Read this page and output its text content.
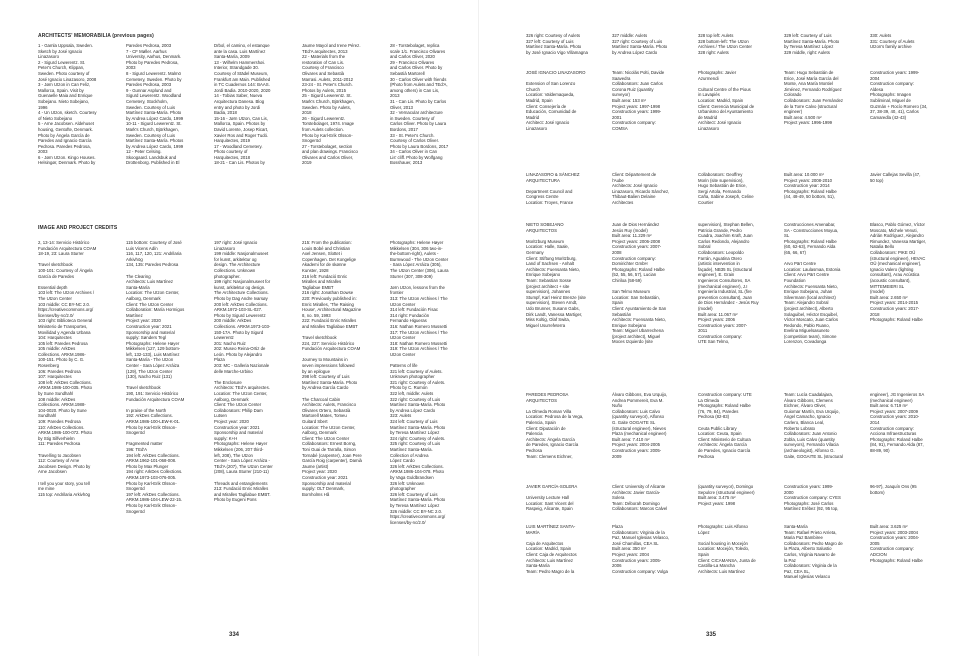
ARCHITECTS' MEMORABILIA (previous pages)
1 - Gamla Uppsala, Sweden.
Sketch by José Ignacio
Linazasoro
2 - Sigurd Lewerentz. St.
Peter's Church, Klippan,
Sweden. Photo courtesy of
José Ignacio Linazasoro, 2008
3 - Jørn Utzon in Can Feliz,
Mallorca, Spain. Visit by
Guenaelle Maia and Enrique
Sobejano. Nieto Sobejano,
1996
4 - Un Utzon, sketch. Courtesy
of Nieto Sobejano
5 - Arne Jacobsen. Aldehuset
housing, Gentofte, Denmark.
Photo by Ángela García de
Paredes and Ignacio García
Pedrosa. Paredes Pedrosa,
2003
6 - Jørn Utzon. Kingo Houses.
Helsingør, Denmark. Photo by
Paredes Pedrosa, 2003
7 - CF Møller. Aarhus
University, Aarhus, Denmark.
Photo by Paredes Pedrosa,
2003
8 - Sigurd Lewerentz. Malmö
Cemetery, Sweden. Photo by
Paredes Pedrosa, 2003
9 - Gunnar Asplund and
Sigurd Lewerentz. Woodland
Cemetery, Stockholm,
Sweden. Courtesy of Luis
Martínez Santa-María. Photo
by Andrea López Cardo, 1999
10-11 - Sigurd Lewerentz. St.
Mark's Church, Björkhagen,
Sweden. Courtesy of Luis
Martínez Santa-María. Photos
by Andrea López Cardo, 1999
12 - Peter Celsing.
Skoogaard. Landsbuk and
Drottenborg. Published in El
Drbol, el camino, el estanque
ante la casa. Luis Martínez
Santa-María, 2009
13 - Wilhelm Hammershøi.
Interior, Strandgade 30.
Courtesy of Städel Museum,
Frankfurt am Main. Published
in TC Cuadernos 144: BAAS.
Jordi Badia. 2010-2020, 2020
14 - Tobias Saber, Nueva
Arquitectura Danesa. Blog
entry and photo by Jordi
Badia, 2018
15-16 - Jørn Utzon, Can Lis,
Mallorca, Spain. Photos by
David Lorente, Josep Ricart,
Xavier Ros and Roger Tudó.
Harquitectes, 2019
17 - Woodland Cemetery.
Photo courtesy of
Harquitectes, 2018
18-21 - Can Lis. Photos by
Jaume Mayol and Irene Pérez.
TEd'A arquitectes, 2013
22 - Materials from the
restoration of Can Lis.
Courtesy of Francisco
Olivares and Sebastià
Marrasi. Aulets, 2011-2012
23-24 - St. Peter's Church.
Photos by Aulets, 2015
25 - Sigurd Lewerentz. St.
Mark's Church, Björkhagen,
Sweden. Photo by Aulets,
2018
26 - Sigurd Lewerentz.
Torstebolaget, 1974. Image
from Aulets collection.
Photo by Karl-Erik Olsson-
Snogeröd
27 - Torstebolaget, section
and plan drawings. Francisco
Olivares and Carlos Oliver,
2019
28 - Torstebolaget, replica
scale 1/1. Francisco Olivares
and Carlos Oliver, 2020
29 - Francisco Olivares
and Carlos Oliver. Photo by
Sebastià Martorell
30 - Carlos Oliver with friends
(Photo from Aulets and TEd'A,
among others) in Can Lis,
2013
31 - Can Lis. Photo by Carlos
Oliver, 2013
32 - Vernacular architecture
in Sweden. Courtesy of
Carlos Oliver. Photo by Laura
Bordons, 2017
33 - St. Peter's Church.
Courtesy of Carlos Oliver.
Photo by Laura Bordons, 2017
34 - Carlos Oliver in Can
Lis' cliff. Photo by Wolfgang
Bosshauer, 2013
IMAGE AND PROJECT CREDITS
2, 13-14: Servicio Histórico
Fundación Arquitectura COAM
18-19, 23: Laura Sturrer

Travel sketchbook
100-101: Courtesy of Ángela
García de Paredes

Essential depth
103 left: The Utzon Archives /
The Utzon Center
103 middle: CC BY-NC 2.0.
https://creativecommons.org/
licenses/by-nc/2.0/
103 right: Biblioteca General
Ministerio de Transportes,
Movilidad y Agenda Urbana
104: Harquitectes
105 left: Paredes Pedrosa
105 middle: ArkDes
Collections. ARKM.1986-
100-151. Photo by C. G.
Rosenberg
106: Paredes Pedrosa
107: Harquitectes
108 left: ArkDes Collections.
ARKM.1986-100-035. Photo
by Sune Sundhahl
108 middle: ArkDes
Collections. ARKM.1988-
104-0020. Photo by Sune
Sundhahl
109: Paredes Pedrosa
110: ArkDes Collections.
ARKM.1986-100-072. Photo
by Stig Silfverhielm
111: Paredes Pedrosa

Travelling to Jacobsen
112: Courtesy of Arne
Jacobsen Design. Photo by
Arne Jacobsen

I tell you your story, you tell
me mine
115 top: Andrilaria Arkivhög
115 bottom: Courtesy of José
Luis Vicens Adín
116, 117, 120, 121: Andrilaria
Arkivhög
134, 135: Paredes Pedrosa

The Clearing
Architects: Luis Martínez
Santa-María
Location: The Utzon Center,
Aalborg, Denmark
Client: The Utzon Center
Collaboration: María Hormigos
Martínez
Project year: 2020
Construction year: 2021
Sponsorship and material
supply: Sønders Tegl
Photographs: Helene Høyer
Mikkelsen (127, 129 bottom-
left, 132-133), Luis Martínez
Santa-María - The Utzon
Center - Sara López Arráiza
(129), The Utzon Center
(130), Nacho Ruiz (131)

Travel sketchbook
190, 191: Servicio Histórico
Fundación Arquitectura COAM

In praise of the North
192: ArkDes Collections.
ARKM.1986-100-LEW-K-01.
Photo by Karl-Erik Olsson-
Snogeröd

Fragmented matter
196: TEd'A
194 left: ArkDes Collections.
ARKM.1962-101-068-008.
Photo by Max Plunger
194 right: ArkDes Collections.
ARKM.1973-103-076-005.
Photo by Karl-Erik Olsson-
Snogeröd
197 left: ArkDes Collections.
ARKM.1986-104-LEW-22-15.
Photo by Karl-Erik Olsson-
Snogeröd
197 right: José Ignacio
Linazasoro
199 middle: Nasjonalmuseet
for kunst, arkitektur og
design. The Architecture
Collections. Unknown
photographer.
199 right: Nasjonalmuseet for
kunst, arkitektur og design.
The Architecture Collections.
Photo by Dag Andre Ivarsøy
200 left: ArkDes Collections.
ARKM.1972-103-SL-027.
Photo by Sigurd Lewerentz
200 middle: ArkDes
Collections. ARKM.1973-103-
150-17A. Photo by Sigurd
Lewerentz
201: Nacho Ruiz
202: Museo Reina-Ortiz de
León. Photo by Alejandro
Plaza
203: MC - Galleria Nazionale
delle Marche-Urbino

The Enclosure
Architects: TEd'A arquitectes.
Location: The Utzon Center,
Aalborg, Denmark
Client: The Utzon Center
Collaborators: Philip Dam
Lutsen
Project year: 2020
Construction year: 2021
Sponsorship and material
supply: K+H
Photographs: Helene Høyer
Mikkelsen (206, 207 third-
left, 208), The Utzon
Center - Sara López Arráiza -
TEd'A (207), The Utzon Center
(208), Laura Sturrer (210-11)

Threads and entanglements
213: Fundació Enric Miralles
and Miralles Tagliabue EMBT.
Photo by Eugeni Pons
215: From the publication:
Louis Bobé and Christian
Axel Jensen, Slottet i
Copenhagen. Det Kongelige
Akademi for de skønne
Kunster, 1928
216 left: Fundació Enric
Miralles and Miralles
Tagliabue EMBT
216 right: Jonathan Dowse
220: Previously published in:
Enric Miralles, 'The Raising
House', Architectural Magazine
8, no. 59, 1993
222: Fundació Enric Miralles
and Miralles Tagliabue EMBT

Travel sketchbook
224, 227: Servicio Histórico
Fundación Arquitectura COAM

Journey to Mountains in
seven impressions followed
by an epilogue
298 left: Courtesy of Luis
Martínez Santa-María. Photo
by Andrea García Cardo

The Charcoal Cabin
Architects: Aulets, Francisco
Olivares Ortero, Sebastià
Martorell Mates, Tomeu
Guitard Sbert
Location: The Utzon Center,
Aalborg, Denmark
Client: The Utzon Center
Collaborators: Ernest Borng,
Toni Guai de Tarralla, Simon
Tornabé (carpenter), Joan Pere
García Roig (carpenter), Damià
Jaume (artist)
Project year: 2020
Construction year: 2021
Sponsorship and material
supply: OLT Denmark,
Bornholms Hå
Photographs: Helene Høyer
Mikkelsen (304, 306 two-in-
the-bottom-right), Aulets -
Burmwood - The Utzon Center
- Sara López Arráiza (305),
The Utzon Center (306), Laura
Sturrer (307, 308-309)

Jørn Utzon, lessons from the
frontier
313: The Utzon Archives / The
Utzon Center
314 left: Fundación Fisac
314 right: Fundación
Fernando Higueras
316: Nathan Romero Mussetti
317: The Utzon Archives / The
Utzon Center
318: Nathan Romero Mussetti
319: The Utzon Archives / The
Utzon Center

Patterns of life
321 left: Courtesy of Aulets.
Unknown photographer
321 right: Courtesy of Aulets.
Photo by C. Rumón
322 left, middle: Aulets
322 right: Courtesy of Luis
Martínez Santa-María. Photo
by Andrea López Cardo
323: Aulets
324 left: Courtesy of Luis
Martínez Santa-María. Photo
by Teresa Martínez López
324 right: Courtesy of Aulets.
325 right: Courtesy of Luis
Martínez Santa-María.
Collection of Andrea
López Cardo
326 left: ArkDes Collections.
ARKM.1986-104-078. Photo
by Vaga Guldbrandsen
326 left: Unknown
photographer
326 left: Courtesy of Luis
Martínez Santa-María. Photo
by Teresa Martínez López
326 middle: CC BY-NC 2.0.
https://creativecommons.org/
licenses/by-nc/2.0/
334
326 right: Courtesy of Aulets
327 left: Courtesy of Luis
Martínez Santa-María. Photo
by José Ignacio Vigo Villamagna
327 middle: Aulets
327 right: Courtesy of Luis
Martínez Santa-María. Photo
by Andrea López Cardo
328 top left: Aulets
328 bottom-left: The Utzon
Archives / The Utzon Center
328 right: Aulets
329 left: Courtesy of Luis
Martínez Santa-María. Photo
by Teresa Martínez López
329 middle, right: Aulets
330: Aulets
331: Courtesy of Aulets
Utzon's family archive
JOSÉ IGNACIO LINAZASORO

Extension of San Lorenzo
Church
Location: Valdemaqueda,
Madrid, Spain
Client: Consejería de
Educación, Comunidad de
Madrid
Architect: José Ignacio
Linazasoro
Team: Nicolás Polti, Davide
Saavedra
Collaborators: Juan Carlos
Corona Ruiz (quantity
surveyor)
Built area: 153 m²
Project years: 1997-1998
Construction years: 1999-
2001
Construction company:
COMSA
Photographs: Javier
Azurmendi

Cultural Centre of the Pious
in Lavapiés
Location: Madrid, Spain
Client: Gerencia Municipal de
Urbanismo del Ayuntamiento
de Madrid
Architect: José Ignacio
Linazasoro
Team: Hugo Sebastián de
Erice, José María García del
Monte, Ana María Montiel
Jiménez, Fernando Rodríguez
Colorado
Collaborators: Juan Fernández
de la Torre Calvo (structural
engineer)
Built area: 4.500 m²
Project years: 1996-1999
Construction years: 1999-
2004
Construction company:
Aldesa
Photographs: Imagen
Subliminal, Miguel de
Guzmán + Rocío Romero (34,
37, 38-39, 40, 41), Carlos
Camaredla (42-43)
LINAZASORO & SÁNCHEZ
ARQUITECTURA

Department Council and
Congress Centre
Location: Troyes, France
Client: Département de
l'Aube
Architects: José Ignacio
Linazasoro, Ricardo Sánchez,
Thibaut-Balien Delaine
Architectes
Collaborators: Geoffrey
Morin (site supervision),
Hugo Sebastián de Erice,
Sergi Artola, Fernando
Caña, Sabine Joseph, Celine
Courtier
Built area: 10.000 m²
Project years: 2008-2010
Construction year: 2014
Photographs: Roland Halbe
(44, 48-49, 50 bottom, 51),
Javier Callejas Sevilla (47,
50 top)
NIETO SOBEJANO
ARQUITECTOS

Moritzburg Museum
Location: Halle, Saale,
Germany
Client: Stiftung Moritzburg,
Land of Sachsen - Anhalt
Architects: Fuensanta Nieto,
Enrique Sobejano
Team: Sebastian Sosse
(project architect + site
supervision), Johannes
Stumpf, Karl Heinz Brenze (site
supervision), Steven Arndt,
Udo Brunner, Susann Gabs,
Dirk Landt, Vanessa Martiger,
Miss Koltig, Olaf Swita,
Miguel Usurrefeterra
Juan de Dios Hernández
Jesús Ruy (model)
Built area: 11.229 m²
Project years: 2006-2008
Construction years: 2007-
2008
Construction company:
Domirichter GmbH
Photographs: Roland Halbe
(52, 55, 56, 57), Lucian
Chiriloa (58-59)

San Telmo Museum
Location: San Sebastián,
Spain
Client: Ayuntamiento de San
Sebastián
Architects: Fuensanta Nieto,
Enrique Sobejano
Team: Miguel Ubarrechena
(project architect), Miguel
Moces Izquierdo (site
supervision), Stephan Bellen,
Patricia Grande, Pedro
Cuadra, Joachim Kraft, Juan
Carlos Redondo, Alejandro
Sobral
Collaborators: Leopoldo
Farrán, Aguatina Otero
(artistic intervention in
façade), NB35 SL (structural
engineer), E. Grain
Ingenieros Consultores, SA
(mechanical engineer), J.I
Ingeniería Industrial, SL (fire
prevention consultant), Juan
de Dios Hernández - Jesús Ruy
(model)
Built area: 11.067 m²
Project years: 2006
Construction years: 2007-
2011
Construction company:
UTE San Telmo,
Construcciones Amenabar,
SA - Construcciones Moyua,
SL
Photographs: Roland Halbe
(60, 62-63), Fernando Alda
(65, 66, 67)

Arvo Pärt Centre
Location: Laulasmaa, Estonia
Client: Arvo Pärt Centre
Foundation
Architects: Fuensanta Nieto,
Enrique Sobejano, Juhan
Silvermann (local architect)
Team: Alejandro Sobral
(project architect), Alberto
Solaguibel, Héctor Esquibel,
Víctor Moscato, Juan Carlos
Redondo, Pablo Ruano,
Evelina Miguelsasuneto
(competition team), Simone
Lorenzon, Covadonga
Blasco, Pablo Gómez, Víctor
Moscato, Michele Venuti,
Adrián Rodríguez, Alejandro
Rimundez, Vanessa Martiger,
Natalia Bello
Collaborators: PIKE OÜ
(structural engineer), HEVAC
OÜ (mechanical engineer),
Ignacio Valero (lighting
consultant), Arau Acústica
(acoustic consultant),
MITTEMEIERI SL
(model)
Built area: 2.650 m²
Project years: 2014-2015
Construction years: 2017-
2018
Photographs: Roland Halbe
PAREDES PEDROSA
ARQUITECTOS

La Olmeda Roman Villa
Location: Pedrosa de la Vega,
Palencia, Spain
Client: Diputación de
Palencia
Architects: Ángela García
de Paredes, Ignacio García
Pedrosa
Team: Clemens Eichner,
Álvaro Gibbons, Eva Urquijo,
Andrea Pommereit, Eva M.
Nuño
Collaborators: Luis Calvo
(quantity surveyor), Alfonso
G. Gaite GOGAITE SL
(structural engineer), Nieves
Plaza (mechanical engineer)
Built area: 7.410 m²
Project years: 2004-2005
Construction years: 2005-
2009
Construction company: UTE
La Olmeda
Photographs: Roland Halbe
(76, 79, 84), Paredes
Pedrosa (82-83)

Ceuta Public Library
Location: Ceuta, Spain
Client: Ministerio de Cultura
Architects: Ángela García
de Paredes, Ignacio García
Pedrosa
Team: Lucía Cuadalajara,
Álvaro Gibbons, Clemens
Eichner, Álvaro Oliver,
Guiomar Martín, Eva Urquijo,
Ángel Camacho, Ignacio
Carlero, Blanca Leal,
Roberto Lobrato
Collaborators: Juan Antonio
Zobla, Luis Calvo (quantity
surveyors), Fernando Vilacia
(archaeologist), Alfonso G.
Gaite, GOGAITE SL (structural
engineer), JG Ingenieros SA
(mechanical engineer)
Built area: 6.719 m²
Project years: 2007-2009
Construction years: 2010-
2014
Construction company:
Acciona Infraestructuras
Photographs: Roland Halbe
(84, 91), Fernando Alda (87,
88-89, 90)
JAVIER GARCÍA-SOLERA

University Lecture Hall
Location: Sant Vicent del
Raspeig, Alicante, Spain
Client: University of Alicante
Architects: Javier García-
Solera
Team: Déborah Domingo
Collaborators: Marcos Calvel
(quantity surveyor), Domingo
Sepulcre (structural engineer)
Built area: 3.475 m²
Project years: 1998
Construction years: 1999-
2000
Construction company: CYES
Photographs: José Carlos
Martínez Erébez (92, 95 top,
96-97), Joaquín Ons (95
bottom)
LUIS MARTÍNEZ SANTA-
MARÍA

Caja de Arquitectos
Location: Madrid, Spain
Client: Caja de Arquitectos
Architects: Luis Martínez
Santa-María
Team: Pedro Magro de la
Plaza
Collaborators: Virginia de la
Paz, Manuel Iglesias Velasco,
José Chamillas, CEA SL
Built area: 350 m²
Project years: 2004
Construction years: 2005-
2006
Construction company: Volga
Photographs: Luis Alfonso
López

Social housing in Mocejón
Location: Mocejón, Toledo,
Spain
Client: CICAMANSA, Junta de
Castilla-La Mancha
Architects: Luis Martínez
Santa-María
Team: Rafael Prieto Arrieta,
Maria Paz Bambiree
Collaborators: Pedro Magro de
la Plaza, Alberto Salustio
Carlos, Virginia Navarro de
la Paz
Collaborators: Virginia de la
Paz, CEA SL,
Manuel Iglesias Velasco
Built area: 3.625 m²
Project years: 2003-2004
Construction years: 2004-
2005
Construction company:
ADCION
Photographs: Roland Halbe
335
